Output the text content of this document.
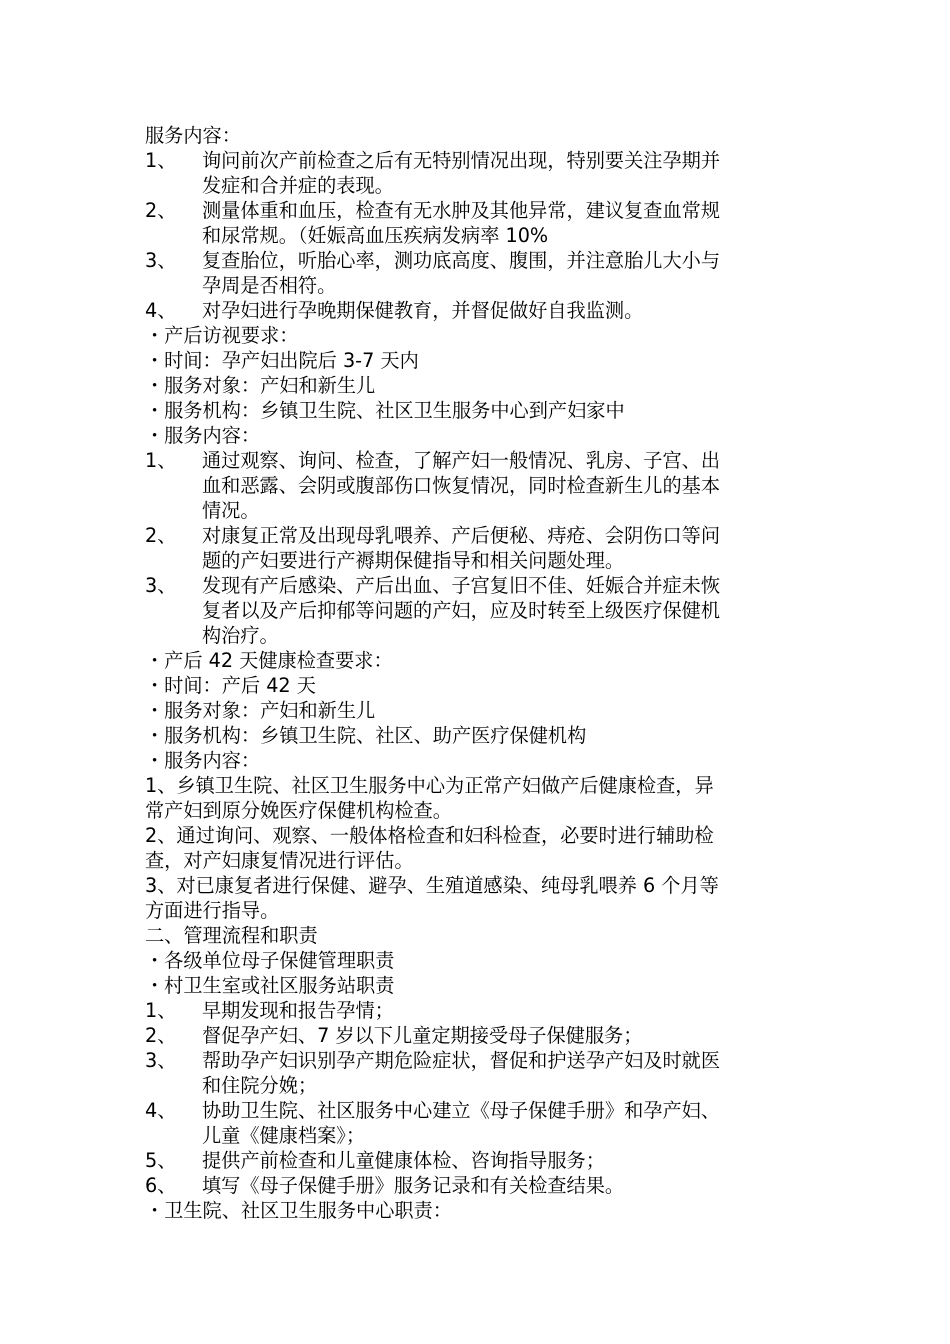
服务内容：
1、	询问前次产前检查之后有无特别情况出现，特别要关注孕期并
发症和合并症的表现。
2、	测量体重和血压，检查有无水肿及其他异常，建议复查血常规
和尿常规。（妊娠高血压疾病发病率 10%
3、	复查胎位，听胎心率，测功底高度、腹围，并注意胎儿大小与
孕周是否相符。
4、	对孕妇进行孕晚期保健教育，并督促做好自我监测。
・产后访视要求：
・时间：孕产妇出院后 3-7 天内
・服务对象：产妇和新生儿
・服务机构：乡镇卫生院、社区卫生服务中心到产妇家中
・服务内容：
1、	通过观察、询问、检查，了解产妇一般情况、乳房、子宫、出
血和恶露、会阴或腹部伤口恢复情况，同时检查新生儿的基本
情况。
2、	对康复正常及出现母乳喂养、产后便秘、痔疮、会阴伤口等问
题的产妇要进行产褥期保健指导和相关问题处理。
3、	发现有产后感染、产后出血、子宫复旧不佳、妊娠合并症未恢
复者以及产后抑郁等问题的产妇，应及时转至上级医疗保健机
构治疗。
・产后 42 天健康检查要求：
・时间：产后 42 天
・服务对象：产妇和新生儿
・服务机构：乡镇卫生院、社区、助产医疗保健机构
・服务内容：
1、乡镇卫生院、社区卫生服务中心为正常产妇做产后健康检查，异
常产妇到原分娩医疗保健机构检查。
2、通过询问、观察、一般体格检查和妇科检查，必要时进行辅助检
查，对产妇康复情况进行评估。
3、对已康复者进行保健、避孕、生殖道感染、纯母乳喂养 6 个月等
方面进行指导。
二、管理流程和职责
・各级单位母子保健管理职责
・村卫生室或社区服务站职责
1、	早期发现和报告孕情；
2、	督促孕产妇、7 岁以下儿童定期接受母子保健服务；
3、	帮助孕产妇识别孕产期危险症状，督促和护送孕产妇及时就医
和住院分娩；
4、	协助卫生院、社区服务中心建立《母子保健手册》和孕产妇、
儿童《健康档案》；
5、	提供产前检查和儿童健康体检、咨询指导服务；
6、	填写《母子保健手册》服务记录和有关检查结果。
・卫生院、社区卫生服务中心职责：
